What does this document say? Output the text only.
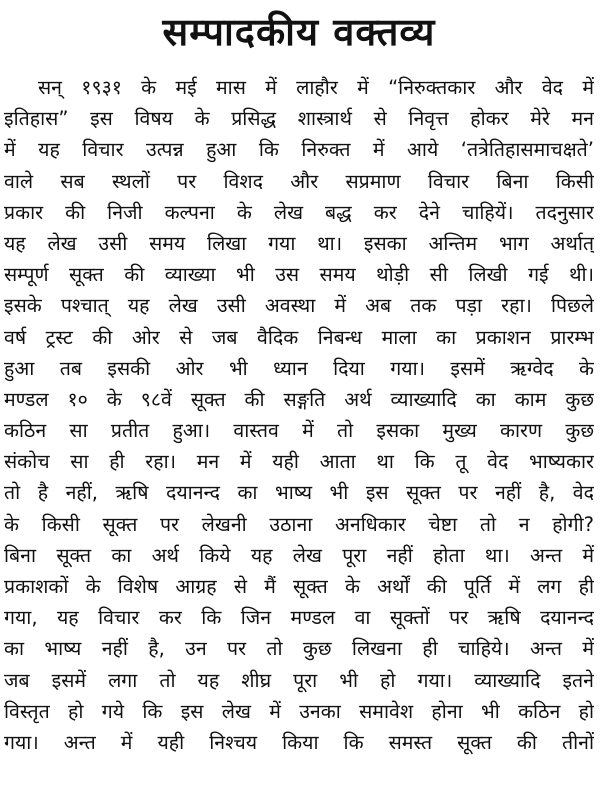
सम्पादकीय वक्तव्य
सन् १९३१ के मई मास में लाहौर में “निरुक्तकार और वेद में
इतिहास” इस विषय के प्रसिद्ध शास्त्रार्थ से निवृत्त होकर मेरे मन
में यह विचार उत्पन्न हुआ कि निरुक्त में आये ‘तत्रेतिहासमाचक्षते’
वाले सब स्थलों पर विशद और सप्रमाण विचार बिना किसी
प्रकार की निजी कल्पना के लेख बद्ध कर देने चाहियें। तदनुसार
यह लेख उसी समय लिखा गया था। इसका अन्तिम भाग अर्थात्
सम्पूर्ण सूक्त की व्याख्या भी उस समय थोड़ी सी लिखी गई थी।
इसके पश्चात् यह लेख उसी अवस्था में अब तक पड़ा रहा। पिछले
वर्ष ट्रस्ट की ओर से जब वैदिक निबन्ध माला का प्रकाशन प्रारम्भ
हुआ तब इसकी ओर भी ध्यान दिया गया। इसमें ऋग्वेद के
मण्डल १० के ९८वें सूक्त की सङ्गति अर्थ व्याख्यादि का काम कुछ
कठिन सा प्रतीत हुआ। वास्तव में तो इसका मुख्य कारण कुछ
संकोच सा ही रहा। मन में यही आता था कि तू वेद भाष्यकार
तो है नहीं, ऋषि दयानन्द का भाष्य भी इस सूक्त पर नहीं है, वेद
के किसी सूक्त पर लेखनी उठाना अनधिकार चेष्टा तो न होगी?
बिना सूक्त का अर्थ किये यह लेख पूरा नहीं होता था। अन्त में
प्रकाशकों के विशेष आग्रह से मैं सूक्त के अर्थों की पूर्ति में लग ही
गया, यह विचार कर कि जिन मण्डल वा सूक्तों पर ऋषि दयानन्द
का भाष्य नहीं है, उन पर तो कुछ लिखना ही चाहिये। अन्त में
जब इसमें लगा तो यह शीघ्र पूरा भी हो गया। व्याख्यादि इतने
विस्तृत हो गये कि इस लेख में उनका समावेश होना भी कठिन हो
गया। अन्त में यही निश्चय किया कि समस्त सूक्त की तीनों
